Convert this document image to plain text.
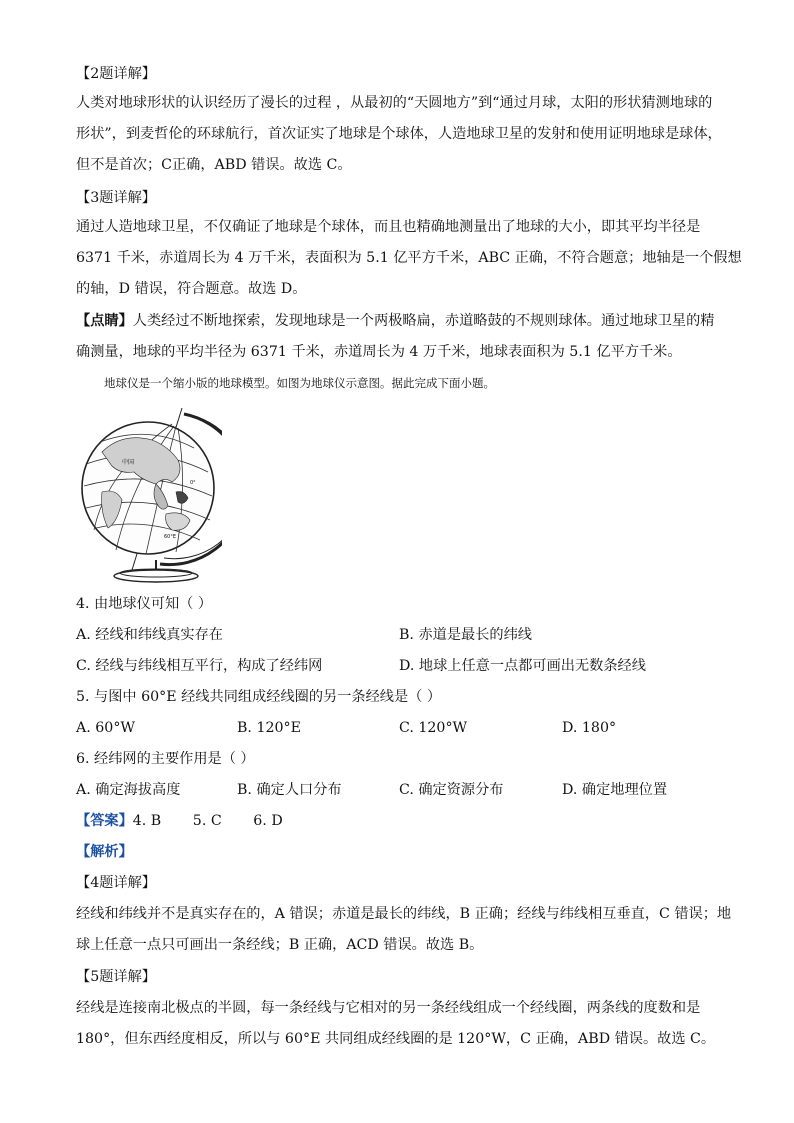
【2题详解】
人类对地球形状的认识经历了漫长的过程 ，从最初的“天圆地方”到“通过月球，太阳的形状猜测地球的
形状”，到麦哲伦的环球航行，首次证实了地球是个球体，人造地球卫星的发射和使用证明地球是球体，
但不是首次；C正确，ABD 错误。故选 C。
【3题详解】
通过人造地球卫星，不仅确证了地球是个球体，而且也精确地测量出了地球的大小，即其平均半径是
6371 千米，赤道周长为 4 万千米，表面积为 5.1 亿平方千米，ABC 正确，不符合题意；地轴是一个假想
的轴，D 错误，符合题意。故选 D。
【点睛】人类经过不断地探索，发现地球是一个两极略扁，赤道略鼓的不规则球体。通过地球卫星的精
确测量，地球的平均半径为 6371 千米，赤道周长为 4 万千米，地球表面积为 5.1 亿平方千米。
地球仪是一个缩小版的地球模型。如图为地球仪示意图。据此完成下面小题。
中国
0°
60°E
4. 由地球仪可知（ ）
A. 经线和纬线真实存在	B. 赤道是最长的纬线
C. 经线与纬线相互平行，构成了经纬网	D. 地球上任意一点都可画出无数条经线
5. 与图中 60°E 经线共同组成经线圈的另一条经线是（ ）
A. 60°W	B. 120°E	C. 120°W	D. 180°
6. 经纬网的主要作用是（ ）
A. 确定海拔高度	B. 确定人口分布	C. 确定资源分布	D. 确定地理位置
【答案】4. B       5. C       6. D
【解析】
【4题详解】
经线和纬线并不是真实存在的，A 错误；赤道是最长的纬线，B 正确；经线与纬线相互垂直，C 错误；地
球上任意一点只可画出一条经线；B 正确，ACD 错误。故选 B。
【5题详解】
经线是连接南北极点的半圆，每一条经线与它相对的另一条经线组成一个经线圈，两条线的度数和是
180°，但东西经度相反，所以与 60°E 共同组成经线圈的是 120°W，C 正确，ABD 错误。故选 C。
